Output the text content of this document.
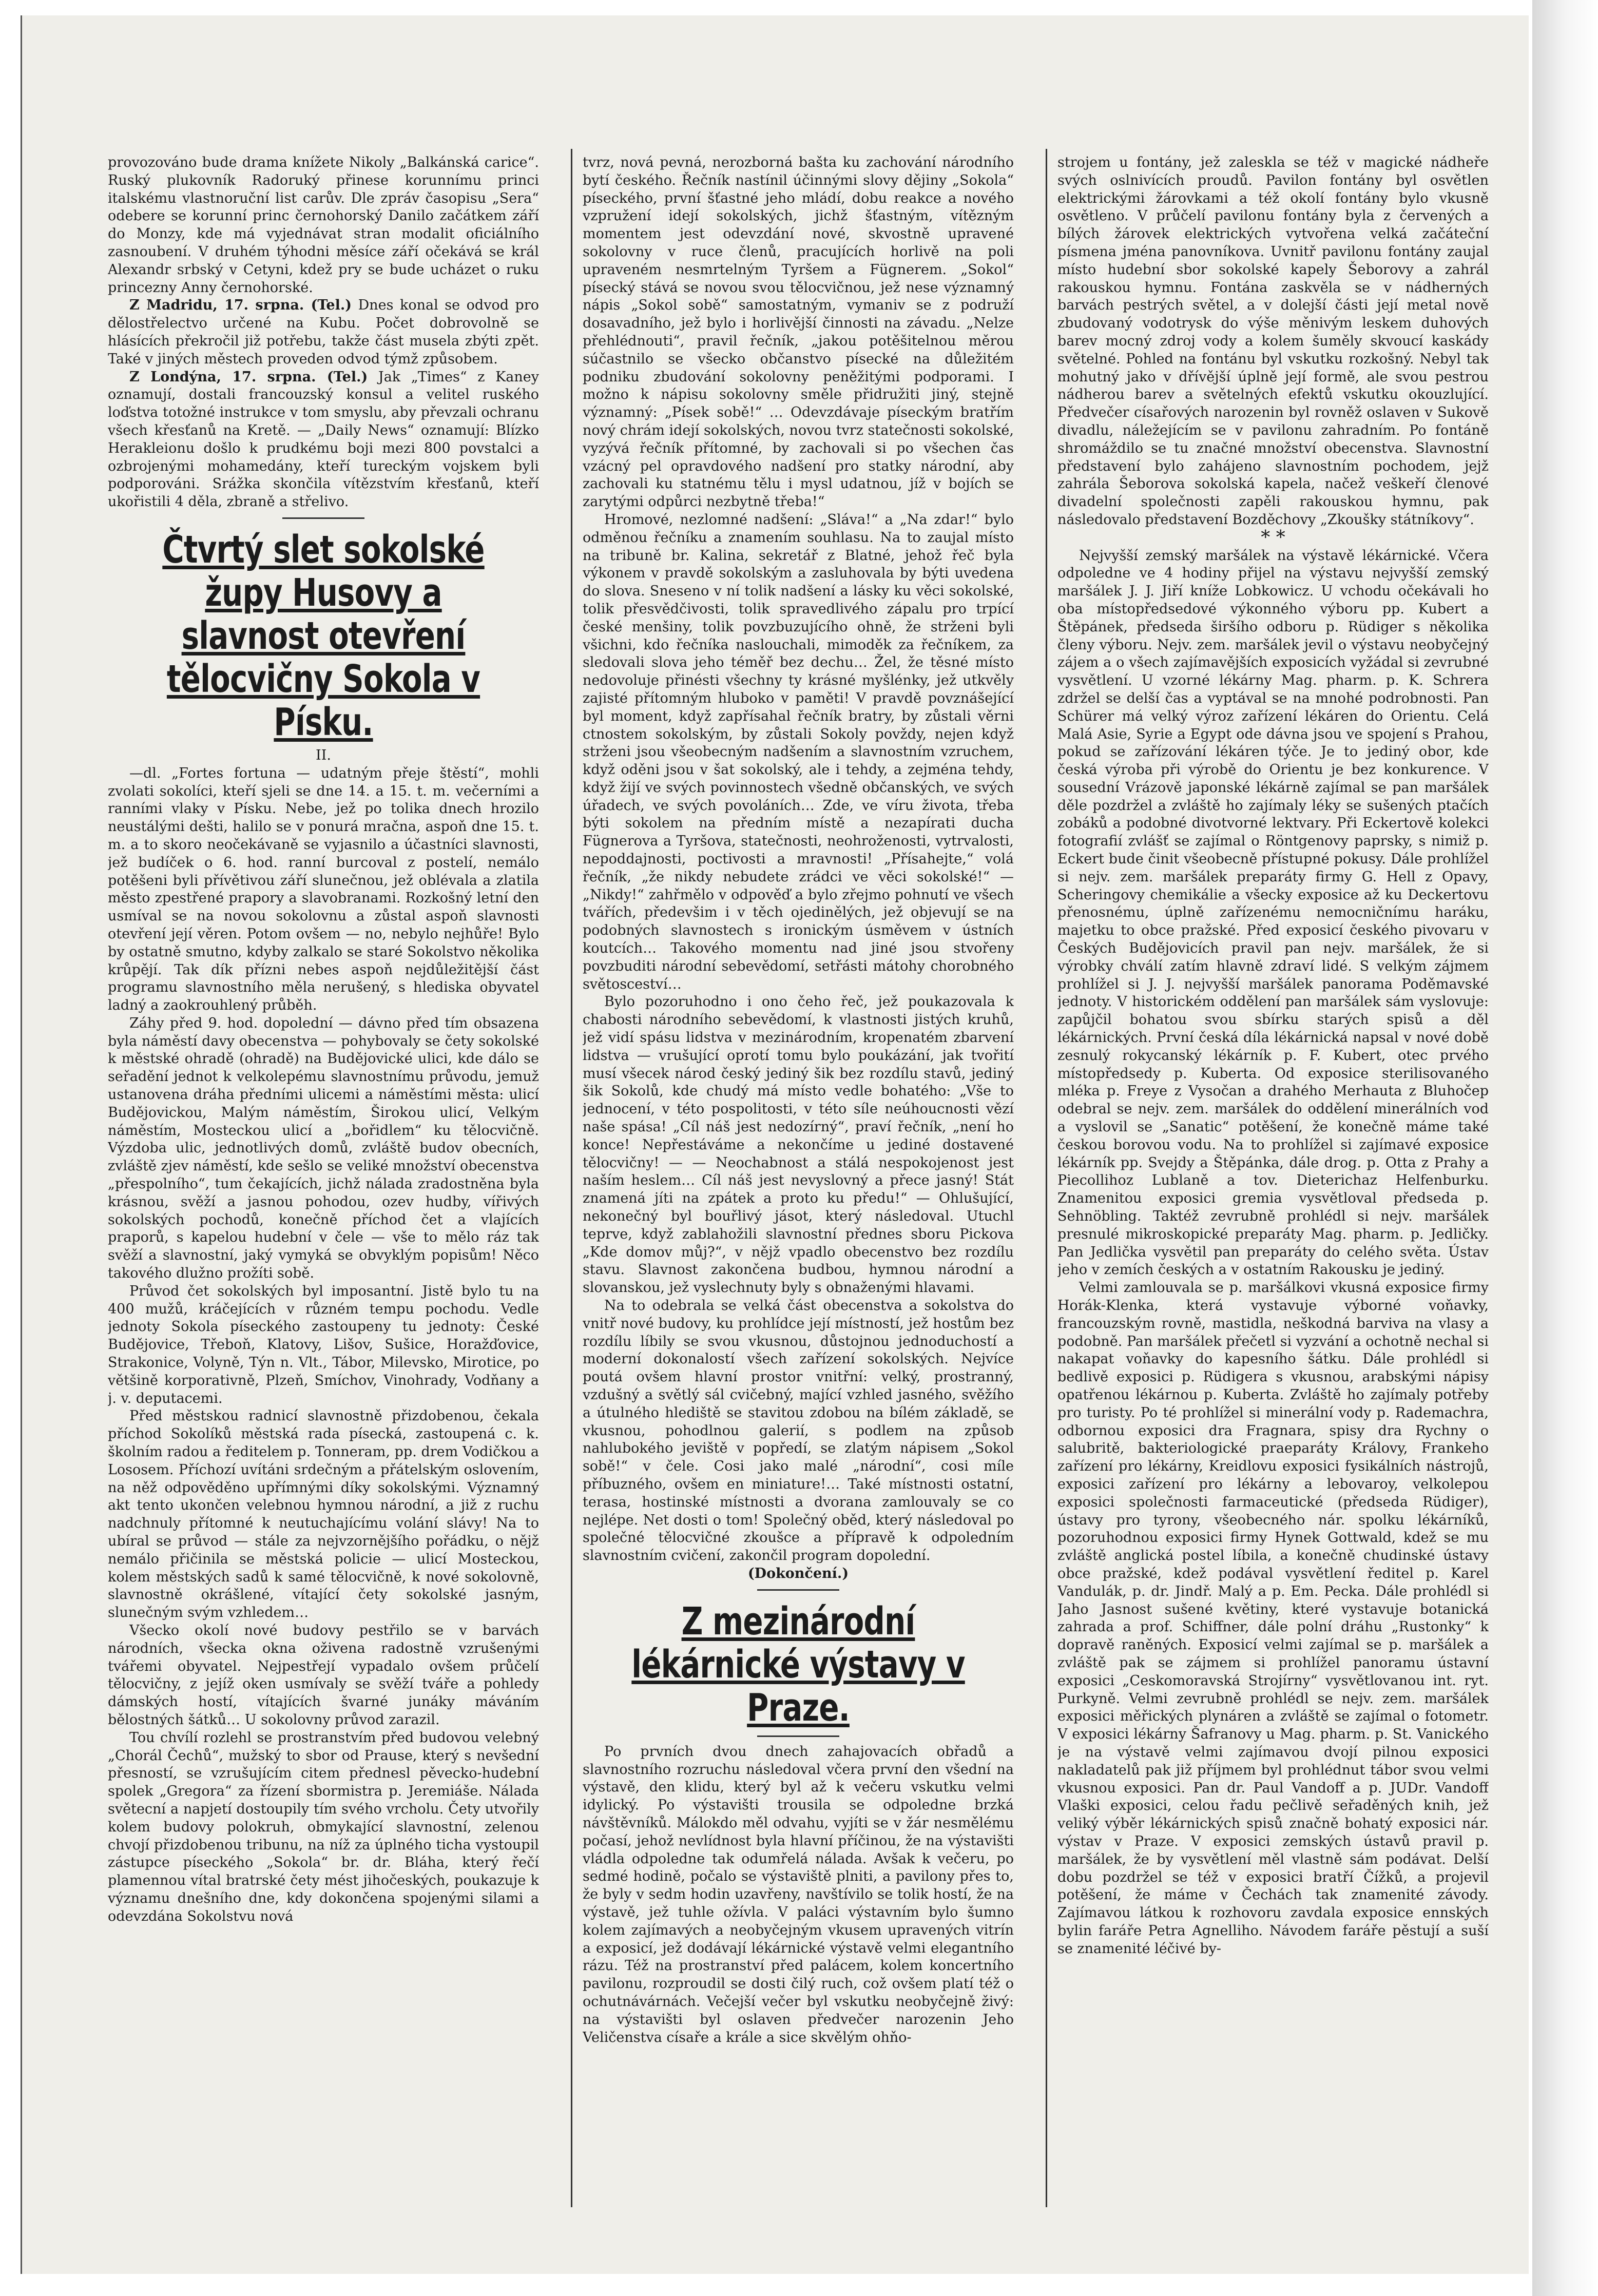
provozováno bude drama knížete Nikoly „Balkánská carice“. Ruský plukovník Radoruký přinese korunnímu princi italskému vlastnoruční list carův. Dle zpráv časopisu „Sera“ odebere se korunní princ černohorský Danilo začátkem září do Monzy, kde má vyjednávat stran modalit oficiálního zasnoubení. V druhém týhodni měsíce září očekává se král Alexandr srbský v Cetyni, kdež pry se bude ucházet o ruku princezny Anny černohorské.

Z Madridu, 17. srpna. (Tel.) Dnes konal se odvod pro dělostřelectvo určené na Kubu. Počet dobrovolně se hlásících překročil již potřebu, takže část musela zbýti zpět. Také v jiných městech proveden odvod týmž způsobem.

Z Londýna, 17. srpna. (Tel.) Jak „Times“ z Kaney oznamují, dostali francouzský konsul a velitel ruského loďstva totožné instrukce v tom smyslu, aby převzali ochranu všech křesťanů na Kretě. — „Daily News“ oznamují: Blízko Herakleionu došlo k prudkému boji mezi 800 povstalci a ozbrojenými mohamedány, kteří tureckým vojskem byli podporováni. Srážka skončila vítězstvím křesťanů, kteří ukořistili 4 děla, zbraně a střelivo.

Čtvrtý slet sokolské župy Husovy a slavnost otevření tělocvičny Sokola v Písku.

II.

—dl. „Fortes fortuna — udatným přeje štěstí“, mohli zvolati sokolíci, kteří sjeli se dne 14. a 15. t. m. večerními a ranními vlaky v Písku. Nebe, jež po tolika dnech hrozilo neustálými dešti, halilo se v ponurá mračna, aspoň dne 15. t. m. a to skoro neočekávaně se vyjasnilo a účastníci slavnosti, jež budíček o 6. hod. ranní burcoval z postelí, nemálo potěšeni byli přívětivou září slunečnou, jež oblévala a zlatila město zpestřené prapory a slavobranami. Rozkošný letní den usmíval se na novou sokolovnu a zůstal aspoň slavnosti otevření její věren. Potom ovšem — no, nebylo nejhůře! Bylo by ostatně smutno, kdyby zalkalo se staré Sokolstvo několika krůpějí. Tak dík přízni nebes aspoň nejdůležitější část programu slavnostního měla nerušený, s hlediska obyvatel ladný a zaokrouhlený průběh.

Záhy před 9. hod. dopolední — dávno před tím obsazena byla náměstí davy obecenstva — pohybovaly se čety sokolské k městské ohradě (ohradě) na Budějovické ulici, kde dálo se seřadění jednot k velkolepému slavnostnímu průvodu, jemuž ustanovena dráha předními ulicemi a náměstími města: ulicí Budějovickou, Malým náměstím, Širokou ulicí, Velkým náměstím, Mosteckou ulicí a „bořidlem“ ku tělocvičně. Výzdoba ulic, jednotlivých domů, zvláště budov obecních, zvláště zjev náměstí, kde sešlo se veliké množství obecenstva „přespolního“, tum čekajících, jichž nálada zradostněna byla krásnou, svěží a jasnou pohodou, ozev hudby, vířivých sokolských pochodů, konečně příchod čet a vlajících praporů, s kapelou hudební v čele — vše to mělo ráz tak svěží a slavnostní, jaký vymyká se obvyklým popisům! Něco takového dlužno prožíti sobě.

Průvod čet sokolských byl imposantní. Jistě bylo tu na 400 mužů, kráčejících v různém tempu pochodu. Vedle jednoty Sokola píseckého zastoupeny tu jednoty: České Budějovice, Třeboň, Klatovy, Lišov, Sušice, Horažďovice, Strakonice, Volyně, Týn n. Vlt., Tábor, Milevsko, Mirotice, po většině korporativně, Plzeň, Smíchov, Vinohrady, Vodňany a j. v. deputacemi.

Před městskou radnicí slavnostně přizdobenou, čekala příchod Sokolíků městská rada písecká, zastoupená c. k. školním radou a ředitelem p. Tonneram, pp. drem Vodičkou a Lososem. Příchozí uvítáni srdečným a přátelským oslovením, na něž odpověděno upřímnými díky sokolskými. Významný akt tento ukončen velebnou hymnou národní, a již z ruchu nadchnuly přítomné k neutuchajícímu volání slávy! Na to ubíral se průvod — stále za nejvzornějšího pořádku, o nějž nemálo přičinila se městská policie — ulicí Mosteckou, kolem městských sadů k samé tělocvičně, k nové sokolovně, slavnostně okrášlené, vítající čety sokolské jasným, slunečným svým vzhledem…

Všecko okolí nové budovy pestřilo se v barvách národních, všecka okna oživena radostně vzrušenými tvářemi obyvatel. Nejpestřejí vypadalo ovšem průčelí tělocvičny, z jejíž oken usmívaly se svěží tváře a pohledy dámských hostí, vítajících švarné junáky máváním bělostných šátků… U sokolovny průvod zarazil.

Tou chvílí rozlehl se prostranstvím před budovou velebný „Chorál Čechů“, mužský to sbor od Prause, který s nevšední přesností, se vzrušujícím citem přednesl pěvecko-hudební spolek „Gregora“ za řízení sbormistra p. Jeremiáše. Nálada světecní a napjetí dostoupily tím svého vrcholu. Čety utvořily kolem budovy polokruh, obmykající slavnostní, zelenou chvojí přizdobenou tribunu, na níž za úplného ticha vystoupil zástupce píseckého „Sokola“ br. dr. Bláha, který řečí plamennou vítal bratrské čety mést jihočeských, poukazuje k významu dnešního dne, kdy dokončena spojenými silami a odevzdána Sokolstvu nová

tvrz, nová pevná, nerozborná bašta ku zachování národního bytí českého. Řečník nastínil účinnými slovy dějiny „Sokola“ píseckého, první šťastné jeho mládí, dobu reakce a nového vzpružení idejí sokolských, jichž šťastným, vítězným momentem jest odevzdání nové, skvostně upravené sokolovny v ruce členů, pracujících horlivě na poli upraveném nesmrtelným Tyršem a Fügnerem. „Sokol“ písecký stává se novou svou tělocvičnou, jež nese významný nápis „Sokol sobě“ samostatným, vymaniv se z podruží dosavadního, jež bylo i horlivější činnosti na závadu. „Nelze přehlédnouti“, pravil řečník, „jakou potěšitelnou měrou súčastnilo se všecko občanstvo písecké na důležitém podniku zbudování sokolovny peněžitými podporami. I možno k nápisu sokolovny směle přidružiti jiný, stejně významný: „Písek sobě!“ … Odevzdávaje píseckým bratřím nový chrám idejí sokolských, novou tvrz statečnosti sokolské, vyzývá řečník přítomné, by zachovali si po všechen čas vzácný pel opravdového nadšení pro statky národní, aby zachovali ku statnému tělu i mysl udatnou, jíž v bojích se zarytými odpůrci nezbytně třeba!“

Hromové, nezlomné nadšení: „Sláva!“ a „Na zdar!“ bylo odměnou řečníku a znamením souhlasu. Na to zaujal místo na tribuně br. Kalina, sekretář z Blatné, jehož řeč byla výkonem v pravdě sokolským a zasluhovala by býti uvedena do slova. Sneseno v ní tolik nadšení a lásky ku věci sokolské, tolik přesvědčivosti, tolik spravedlivého zápalu pro trpící české menšiny, tolik povzbuzujícího ohně, že strženi byli všichni, kdo řečníka naslouchali, mimoděk za řečníkem, za sledovali slova jeho téměř bez dechu… Žel, že těsné místo nedovoluje přinésti všechny ty krásné myšlénky, jež utkvěly zajisté přítomným hluboko v paměti! V pravdě povznášející byl moment, když zapřísahal řečník bratry, by zůstali věrni ctnostem sokolským, by zůstali Sokoly povždy, nejen když strženi jsou všeobecným nadšením a slavnostním vzruchem, když oděni jsou v šat sokolský, ale i tehdy, a zejména tehdy, když žijí ve svých povinnostech všedně občanských, ve svých úřadech, ve svých povoláních… Zde, ve víru života, třeba býti sokolem na předním místě a nezapírati ducha Fügnerova a Tyršova, statečnosti, neohroženosti, vytrvalosti, nepoddajnosti, poctivosti a mravnosti! „Přísahejte,“ volá řečník, „že nikdy nebudete zrádci ve věci sokolské!“ — „Nikdy!“ zahřmělo v odpověď a bylo zřejmo pohnutí ve všech tvářích, předevšim i v těch ojedinělých, jež objevují se na podobných slavnostech s ironickým úsměvem v ústních koutcích… Takového momentu nad jiné jsou stvořeny povzbuditi národní sebevědomí, setřásti mátohy chorobného světosceství…

Bylo pozoruhodno i ono čeho řeč, jež poukazovala k chabosti národního sebevědomí, k vlastnosti jistých kruhů, jež vidí spásu lidstva v mezinárodním, kropenatém zbarvení lidstva — vrušující oprotí tomu bylo poukázání, jak tvořití musí všecek národ český jediný šik bez rozdílu stavů, jediný šik Sokolů, kde chudý má místo vedle bohatého: „Vše to jednocení, v této pospolitosti, v této síle neúhoucnosti vězí naše spása! „Cíl náš jest nedozírný“, praví řečník, „není ho konce! Nepřestáváme a nekončíme u jediné dostavené tělocvičny! — — Neochabnost a stálá nespokojenost jest naším heslem… Cíl náš jest nevyslovný a přece jasný! Stát znamená jíti na zpátek a proto ku předu!“ — Ohlušující, nekonečný byl bouřlivý jásot, který následoval. Utuchl teprve, když zablahožili slavnostní přednes sboru Pickova „Kde domov můj?“, v nějž vpadlo obecenstvo bez rozdílu stavu. Slavnost zakončena budbou, hymnou národní a slovanskou, jež vyslechnuty byly s obnaženými hlavami.

Na to odebrala se velká část obecenstva a sokolstva do vnitř nové budovy, ku prohlídce její místností, jež hostům bez rozdílu líbily se svou vkusnou, důstojnou jednoduchostí a moderní dokonalostí všech zařízení sokolských. Nejvíce poutá ovšem hlavní prostor vnitřní: velký, prostranný, vzdušný a světlý sál cvičebný, mající vzhled jasného, svěžího a útulného hlediště se stavitou zdobou na bílém základě, se vkusnou, pohodlnou galerií, s podlem na způsob nahlubokého jeviště v popředí, se zlatým nápisem „Sokol sobě!“ v čele. Cosi jako malé „národní“, cosi míle příbuzného, ovšem en miniature!… Také místnosti ostatní, terasa, hostinské místnosti a dvorana zamlouvaly se co nejlépe. Net dosti o tom! Společný oběd, který následoval po společné tělocvičné zkoušce a přípravě k odpoledním slavnostním cvičení, zakončil program dopolední.

(Dokončení.)

Z mezinárodní lékárnické výstavy v Praze.

Po prvních dvou dnech zahajovacích obřadů a slavnostního rozruchu následoval včera první den všední na výstavě, den klidu, který byl až k večeru vskutku velmi idylický. Po výstavišti trousila se odpoledne brzká návštěvníků. Málokdo měl odvahu, vyjíti se v žár nesmělému počasí, jehož nevlídnost byla hlavní příčinou, že na výstavišti vládla odpoledne tak odumřelá nálada. Avšak k večeru, po sedmé hodině, počalo se výstaviště plniti, a pavilony přes to, že byly v sedm hodin uzavřeny, navštívilo se tolik hostí, že na výstavě, jež tuhle ožívla. V paláci výstavním bylo šumno kolem zajímavých a neobyčejným vkusem upravených vitrín a exposicí, jež dodávají lékárnické výstavě velmi elegantního rázu. Též na prostranství před palácem, kolem koncertního pavilonu, rozproudil se dosti čilý ruch, což ovšem platí též o ochutnávárnách. Večejší večer byl vskutku neobyčejně živý: na výstavišti byl oslaven předvečer narozenin Jeho Veličenstva císaře a krále a sice skvělým ohňo-

strojem u fontány, jež zaleskla se též v magické nádheře svých oslnivících proudů. Pavilon fontány byl osvětlen elektrickými žárovkami a též okolí fontány bylo vkusně osvětleno. V průčelí pavilonu fontány byla z červených a bílých žárovek elektrických vytvořena velká začáteční písmena jména panovníkova. Uvnitř pavilonu fontány zaujal místo hudební sbor sokolské kapely Šeborovy a zahrál rakouskou hymnu. Fontána zaskvěla se v nádherných barvách pestrých světel, a v dolejší části její metal nově zbudovaný vodotrysk do výše měnivým leskem duhových barev mocný zdroj vody a kolem šuměly skvoucí kaskády světelné. Pohled na fontánu byl vskutku rozkošný. Nebyl tak mohutný jako v dřívější úplně její formě, ale svou pestrou nádherou barev a světelných efektů vskutku okouzlující. Předvečer císařových narozenin byl rovněž oslaven v Sukově divadlu, náležejícím se v pavilonu zahradním. Po fontáně shromáždilo se tu značné množství obecenstva. Slavnostní představení bylo zahájeno slavnostním pochodem, jejž zahrála Šeborova sokolská kapela, načež veškeří členové divadelní společnosti zapěli rakouskou hymnu, pak následovalo představení Bozděchovy „Zkoušky státníkovy“.

* *

Nejvyšší zemský maršálek na výstavě lékárnické. Včera odpoledne ve 4 hodiny přijel na výstavu nejvyšší zemský maršálek J. J. Jiří kníže Lobkowicz. U vchodu očekávali ho oba místopředsedové výkonného výboru pp. Kubert a Štěpánek, předseda širšího odboru p. Rüdiger s několika členy výboru. Nejv. zem. maršálek jevil o výstavu neobyčejný zájem a o všech zajímavějších exposicích vyžádal si zevrubné vysvětlení. U vzorné lékárny Mag. pharm. p. K. Schrera zdržel se delší čas a vyptával se na mnohé podrobnosti. Pan Schürer má velký výroz zařízení lékáren do Orientu. Celá Malá Asie, Syrie a Egypt ode dávna jsou ve spojení s Prahou, pokud se zařízování lékáren týče. Je to jediný obor, kde česká výroba při výrobě do Orientu je bez konkurence. V sousední Vrázově japonské lékárně zajímal se pan maršálek děle pozdržel a zvláště ho zajímaly léky se sušených ptačích zobáků a podobné divotvorné lektvary. Při Eckertově kolekci fotografií zvlášť se zajímal o Röntgenovy paprsky, s nimiž p. Eckert bude činit všeobecně přístupné pokusy. Dále prohlížel si nejv. zem. maršálek preparáty firmy G. Hell z Opavy, Scheringovy chemikálie a všecky exposice až ku Deckertovu přenosnému, úplně zařízenému nemocničnímu haráku, majetku to obce pražské. Před exposicí českého pivovaru v Českých Budějovicích pravil pan nejv. maršálek, že si výrobky chválí zatím hlavně zdraví lidé. S velkým zájmem prohlížel si J. J. nejvyšší maršálek panorama Poděmavské jednoty. V historickém oddělení pan maršálek sám vyslovuje: zapůjčil bohatou svou sbírku starých spisů a děl lékárnických. První česká díla lékárnická napsal v nové době zesnulý rokycanský lékárník p. F. Kubert, otec prvého místopředsedy p. Kuberta. Od exposice sterilisovaného mléka p. Freye z Vysočan a drahého Merhauta z Bluhočep odebral se nejv. zem. maršálek do oddělení minerálních vod a vyslovil se „Sanatic“ potěšení, že konečně máme také českou borovou vodu. Na to prohlížel si zajímavé exposice lékárník pp. Svejdy a Štěpánka, dále drog. p. Otta z Prahy a Piecollihoz Lublaně a tov. Dieterichaz Helfenburku. Znamenitou exposici gremia vysvětloval předseda p. Sehnöbling. Taktéž zevrubně prohlédl si nejv. maršálek presnulé mikroskopické preparáty Mag. pharm. p. Jedličky. Pan Jedlička vysvětil pan preparáty do celého světa. Ústav jeho v zemích českých a v ostatním Rakousku je jediný.

Velmi zamlouvala se p. maršálkovi vkusná exposice firmy Horák-Klenka, která vystavuje výborné voňavky, francouzským rovně, mastidla, neškodná barviva na vlasy a podobně. Pan maršálek přečetl si vyzvání a ochotně nechal si nakapat voňavky do kapesního šátku. Dále prohlédl si bedlivě exposici p. Rüdigera s vkusnou, arabskými nápisy opatřenou lékárnou p. Kuberta. Zvláště ho zajímaly potřeby pro turisty. Po té prohlížel si minerální vody p. Rademachra, odbornou exposici dra Fragnara, spisy dra Rychny o salubritě, bakteriologické praeparáty Královy, Frankeho zařízení pro lékárny, Kreidlovu exposici fysikálních nástrojů, exposici zařízení pro lékárny a lebovaroy, velkolepou exposici společnosti farmaceutické (předseda Rüdiger), ústavy pro tyrony, všeobecného nár. spolku lékárníků, pozoruhodnou exposici firmy Hynek Gottwald, kdež se mu zvláště anglická postel líbila, a konečně chudinské ústavy obce pražské, kdež podával vysvětlení ředitel p. Karel Vandulák, p. dr. Jindř. Malý a p. Em. Pecka. Dále prohlédl si Jaho Jasnost sušené květiny, které vystavuje botanická zahrada a prof. Schiffner, dále polní dráhu „Rustonky“ k dopravě raněných. Exposicí velmi zajímal se p. maršálek a zvláště pak se zájmem si prohlížel panoramu ústavní exposici „Ceskomoravská Strojírny“ vysvětlovanou int. ryt. Purkyně. Velmi zevrubně prohlédl se nejv. zem. maršálek exposici měřických plynáren a zvláště se zajímal o fotometr. V exposici lékárny Šafranovy u Mag. pharm. p. St. Vanického je na výstavě velmi zajímavou dvojí pilnou exposici nakladatelů pak již příjmem byl prohlédnut tábor svou velmi vkusnou exposici. Pan dr. Paul Vandoff a p. JUDr. Vandoff Vlaški exposici, celou řadu pečlivě seřaděných knih, jež veliký výběr lékárnických spisů značně bohatý exposici nár. výstav v Praze. V exposici zemských ústavů pravil p. maršálek, že by vysvětlení měl vlastně sám podávat. Delší dobu pozdržel se též v exposici bratří Čížků, a projevil potěšení, že máme v Čechách tak znamenité závody. Zajímavou látkou k rozhovoru zavdala exposice ennských bylin faráře Petra Agnelliho. Návodem faráře pěstují a suší se znamenité léčivé by-
